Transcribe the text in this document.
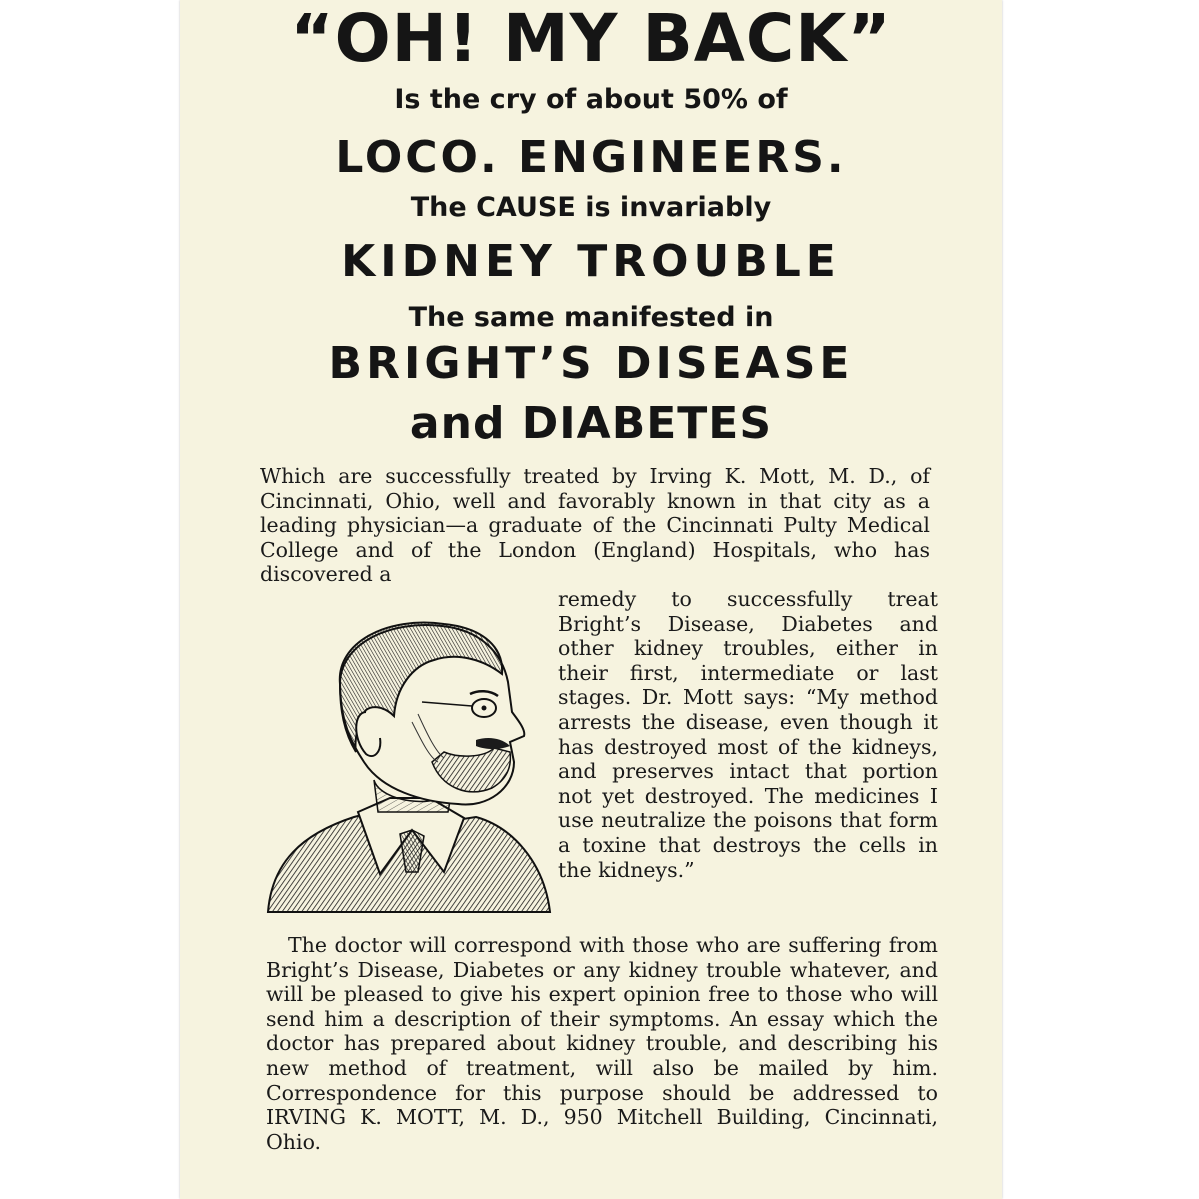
“OH! MY BACK”
Is the cry of about 50% of
LOCO. ENGINEERS.
The CAUSE is invariably
KIDNEY TROUBLE
The same manifested in
BRIGHT’S DISEASE
and DIABETES

Which are successfully treated by Irving K. Mott, M. D., of Cincinnati, Ohio, well and favorably known in that city as a leading physician—a graduate of the Cincinnati Pulty Medical College and of the London (England) Hospitals, who has discovered a

remedy to successfully treat Bright’s Disease, Diabetes and other kidney troubles, either in their first, intermediate or last stages. Dr. Mott says: “My method arrests the disease, even though it has destroyed most of the kidneys, and preserves intact that portion not yet destroyed. The medicines I use neutralize the poisons that form a toxine that destroys the cells in the kidneys.”

The doctor will correspond with those who are suffering from Bright’s Disease, Diabetes or any kidney trouble whatever, and will be pleased to give his expert opinion free to those who will send him a description of their symptoms. An essay which the doctor has prepared about kidney trouble, and describing his new method of treatment, will also be mailed by him. Correspondence for this purpose should be addressed to IRVING K. MOTT, M. D., 950 Mitchell Building, Cincinnati, Ohio.
